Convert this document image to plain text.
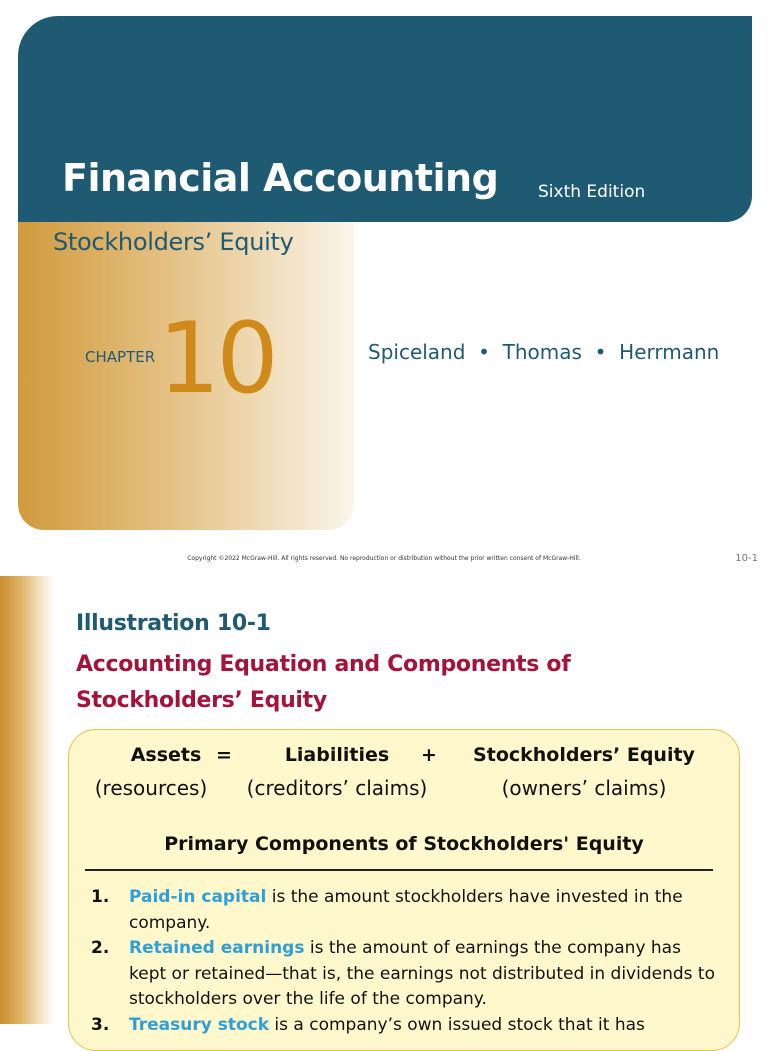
Financial Accounting Sixth Edition
Stockholders’ Equity
CHAPTER 10	Spiceland  •  Thomas  •  Herrmann
Copyright ©2022 McGraw-Hill. All rights reserved. No reproduction or distribution without the prior written consent of McGraw-Hill.	10-1
Illustration 10-1
Accounting Equation and Components of
Stockholders’ Equity
Assets =	Liabilities	+	Stockholders’ Equity
(resources) (creditors’ claims)	(owners’ claims)
Primary Components of Stockholders' Equity
1. Paid-in capital is the amount stockholders have invested in the company.
2. Retained earnings is the amount of earnings the company has kept or retained—that is, the earnings not distributed in dividends to stockholders over the life of the company.
3. Treasury stock is a company’s own issued stock that it has
